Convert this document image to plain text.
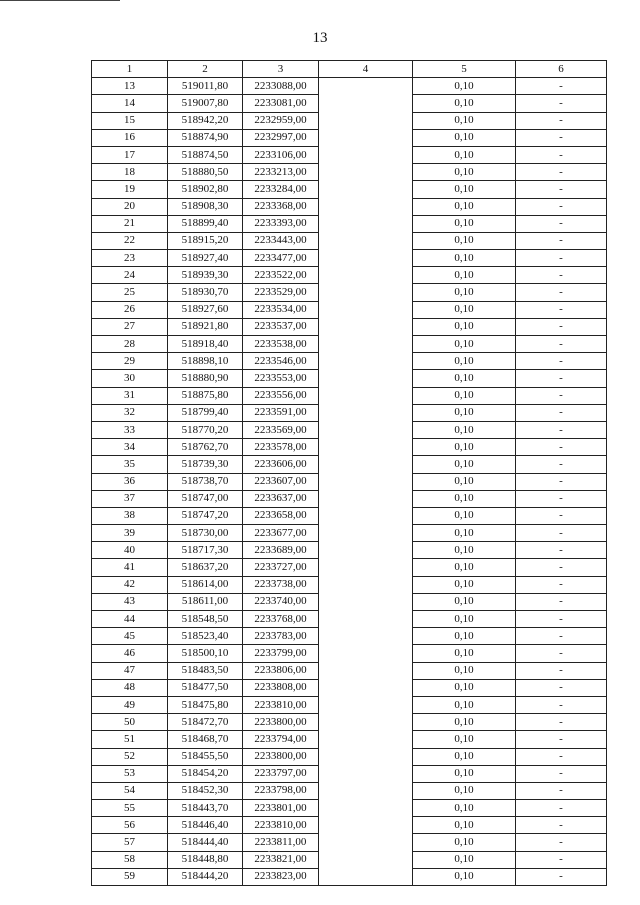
13
1	2	3	4	5	6
13	519011,80	2233088,00		0,10	-
14	519007,80	2233081,00		0,10	-
15	518942,20	2232959,00		0,10	-
16	518874,90	2232997,00		0,10	-
17	518874,50	2233106,00		0,10	-
18	518880,50	2233213,00		0,10	-
19	518902,80	2233284,00		0,10	-
20	518908,30	2233368,00		0,10	-
21	518899,40	2233393,00		0,10	-
22	518915,20	2233443,00		0,10	-
23	518927,40	2233477,00		0,10	-
24	518939,30	2233522,00		0,10	-
25	518930,70	2233529,00		0,10	-
26	518927,60	2233534,00		0,10	-
27	518921,80	2233537,00		0,10	-
28	518918,40	2233538,00		0,10	-
29	518898,10	2233546,00		0,10	-
30	518880,90	2233553,00		0,10	-
31	518875,80	2233556,00		0,10	-
32	518799,40	2233591,00		0,10	-
33	518770,20	2233569,00		0,10	-
34	518762,70	2233578,00		0,10	-
35	518739,30	2233606,00		0,10	-
36	518738,70	2233607,00		0,10	-
37	518747,00	2233637,00		0,10	-
38	518747,20	2233658,00		0,10	-
39	518730,00	2233677,00		0,10	-
40	518717,30	2233689,00		0,10	-
41	518637,20	2233727,00		0,10	-
42	518614,00	2233738,00		0,10	-
43	518611,00	2233740,00		0,10	-
44	518548,50	2233768,00		0,10	-
45	518523,40	2233783,00		0,10	-
46	518500,10	2233799,00		0,10	-
47	518483,50	2233806,00		0,10	-
48	518477,50	2233808,00		0,10	-
49	518475,80	2233810,00		0,10	-
50	518472,70	2233800,00		0,10	-
51	518468,70	2233794,00		0,10	-
52	518455,50	2233800,00		0,10	-
53	518454,20	2233797,00		0,10	-
54	518452,30	2233798,00		0,10	-
55	518443,70	2233801,00		0,10	-
56	518446,40	2233810,00		0,10	-
57	518444,40	2233811,00		0,10	-
58	518448,80	2233821,00		0,10	-
59	518444,20	2233823,00		0,10	-
